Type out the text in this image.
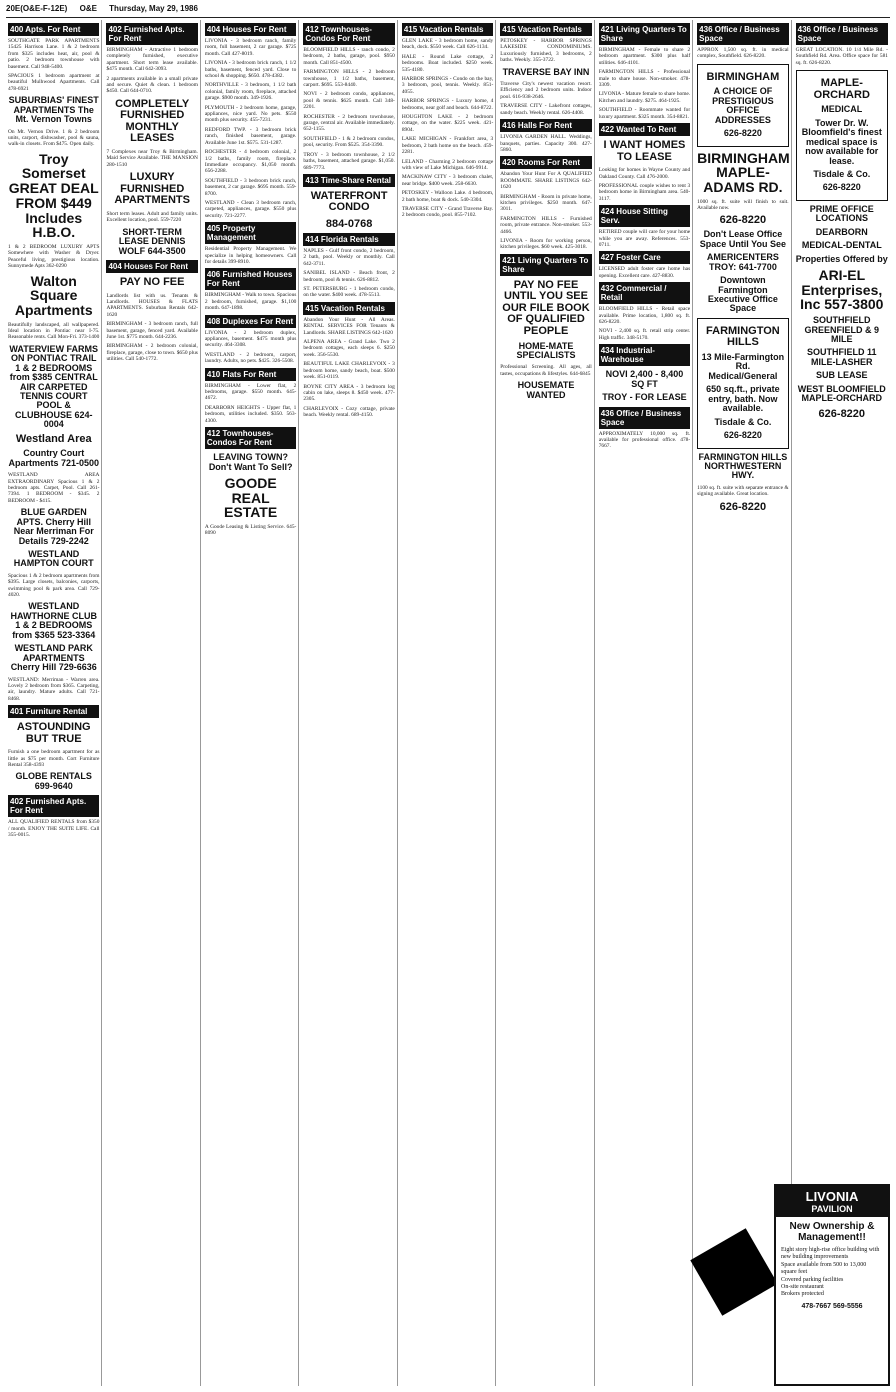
20E(O&E-F-12E) O&E Thursday, May 29, 1986
400 Apts. For Rent
SOUTHGATE PARK APARTMENTS 15425 Harrison Lane. 1 & 2 bedroom from $325 includes heat, air, pool & patio. 2 bedroom townhouse with basement. Call 948-5400.
SPACIOUS 1 bedroom apartment at beautiful Mulhwood Apartments. Call 478-6921
SUBURBIAS' FINEST APARTMENTS The Mt. Vernon Towns
On Mt. Vernon Drive. 1 & 2 bedroom units, carport, dishwasher, pool & sauna, walk-in closets. From $475. Open daily.
Troy Somerset GREAT DEAL FROM $449 Includes H.B.O.
1 & 2 BEDROOM LUXURY APTS Somewhere with Washer & Dryer. Peaceful living, prestigious location. Sunnymede Apts 362-0290
Walton Square Apartments
Beautifully landscaped, all wallpapered. Ideal location in Pontiac near I-75. Reasonable rents. Call Mon-Fri. 373-1400
WATERVIEW FARMS ON PONTIAC TRAIL 1 & 2 BEDROOMS from $385 CENTRAL AIR CARPETED TENNIS COURT POOL & CLUBHOUSE 624-0004
Westland Area
Country Court Apartments 721-0500
WESTLAND AREA EXTRAORDINARY Spacious 1 & 2 bedroom apts. Carpet, Pool. Call 261-7394. 1 BEDROOM - $345. 2 BEDROOM - $415.
BLUE GARDEN APTS. Cherry Hill Near Merriman For Details 729-2242
WESTLAND HAMPTON COURT
Spacious 1 & 2 bedroom apartments from $395. Large closets, balconies, carports, swimming pool & park area. Call 729-4020.
WESTLAND HAWTHORNE CLUB 1 & 2 BEDROOMS from $365 523-3364
WESTLAND PARK APARTMENTS Cherry Hill 729-6636
WESTLAND: Merriman - Warren area. Lovely 2 bedroom from $365. Carpeting, air, laundry. Mature adults. Call 721-8468.
401 Furniture Rental
ASTOUNDING BUT TRUE
Furnish a one bedroom apartment for as little as $75 per month. Cort Furniture Rental 358-4393
GLOBE RENTALS 699-9640
402 Furnished Apts. For Rent
ALL QUALIFIED RENTALS from $350 / month. ENJOY THE SUITE LIFE. Call 355-0015.
402 Furnished Apts. For Rent
BIRMINGHAM - Attractive 1 bedroom completely furnished, executive apartment. Short term lease available. $475 month. Call 642-3093.
2 apartments available in a small private and secure. Quiet & clean. 1 bedroom $450. Call 644-0710.
COMPLETELY FURNISHED MONTHLY LEASES
7 Complexes near Troy & Birmingham. Maid Service Available. THE MANSION 280-1510
LUXURY FURNISHED APARTMENTS
Short term leases. Adult and family units. Excellent location, pool. 559-7220
SHORT-TERM LEASE DENNIS WOLF 644-3500
404 Houses For Rent
PAY NO FEE
Landlords list with us. Tenants & Landlords. HOUSES & FLATS APARTMENTS. Suburban Rentals 642-1620
BIRMINGHAM - 3 bedroom ranch, full basement, garage, fenced yard. Available June 1st. $775 month. 644-2236.
BIRMINGHAM - 2 bedroom colonial, fireplace, garage, close to town. $650 plus utilities. Call 540-1772.
404 Houses For Rent
LIVONIA - 3 bedroom ranch, family room, full basement, 2 car garage. $725 month. Call 427-8019.
LIVONIA - 3 bedroom brick ranch, 1 1/2 baths, basement, fenced yard. Close to school & shopping. $650. 478-4382.
NORTHVILLE - 3 bedroom, 1 1/2 bath colonial, family room, fireplace, attached garage. $900 month. 349-1926.
PLYMOUTH - 2 bedroom home, garage, appliances, nice yard. No pets. $550 month plus security. 455-7231.
REDFORD TWP. - 3 bedroom brick ranch, finished basement, garage. Available June 1st. $575. 531-1287.
ROCHESTER - 4 bedroom colonial, 2 1/2 baths, family room, fireplace. Immediate occupancy. $1,050 month. 656-2288.
SOUTHFIELD - 3 bedroom brick ranch, basement, 2 car garage. $695 month. 559-8700.
WESTLAND - Clean 3 bedroom ranch, carpeted, appliances, garage. $550 plus security. 721-2277.
405 Property Management
Residential Property Management. We specialize in helping homeowners. Call for details 399-8910.
406 Furnished Houses For Rent
BIRMINGHAM - Walk to town. Spacious 2 bedroom, furnished, garage. $1,100 month. 647-1898.
408 Duplexes For Rent
LIVONIA - 2 bedroom duplex, appliances, basement. $475 month plus security. 464-3308.
WESTLAND - 2 bedroom, carport, laundry. Adults, no pets. $425. 326-5508.
410 Flats For Rent
BIRMINGHAM - Lower flat, 2 bedrooms, garage. $550 month. 645-4672.
DEARBORN HEIGHTS - Upper flat, 1 bedroom, utilities included. $350. 563-4300.
412 Townhouses-Condos For Rent
LEAVING TOWN? Don't Want To Sell?
GOODE REAL ESTATE
A Goode Leasing & Listing Service. 645-8090
412 Townhouses-Condos For Rent
BLOOMFIELD HILLS - ranch condo, 2 bedroom, 2 baths, garage, pool. $950 month. Call 851-4500.
FARMINGTON HILLS - 2 bedroom townhouse, 1 1/2 baths, basement, carport. $695. 553-8440.
NOVI - 2 bedroom condo, appliances, pool & tennis. $625 month. Call 348-2201.
ROCHESTER - 2 bedroom townhouse, garage, central air. Available immediately. 652-1155.
SOUTHFIELD - 1 & 2 bedroom condos, pool, security. From $525. 354-3390.
TROY - 3 bedroom townhouse, 2 1/2 baths, basement, attached garage. $1,050. 689-7773.
413 Time-Share Rental
WATERFRONT CONDO
884-0768
414 Florida Rentals
NAPLES - Gulf front condo, 2 bedroom, 2 bath, pool. Weekly or monthly. Call 642-3711.
SANIBEL ISLAND - Beach front, 2 bedroom, pool & tennis. 626-8812.
ST. PETERSBURG - 1 bedroom condo, on the water. $400 week. 478-5513.
415 Vacation Rentals
Abandon Your Hunt - All Areas. RENTAL SERVICES FOR Tenants & Landlords. SHARE LISTINGS 642-1620
ALPENA AREA - Grand Lake. Two 2 bedroom cottages, each sleeps 6. $250 week. 356-5530.
BEAUTIFUL LAKE CHARLEVOIX - 3 bedroom home, sandy beach, boat. $500 week. 851-0119.
BOYNE CITY AREA - 3 bedroom log cabin on lake, sleeps 8. $450 week. 477-2305.
CHARLEVOIX - Cozy cottage, private beach. Weekly rental. 689-4150.
415 Vacation Rentals
GLEN LAKE - 3 bedroom home, sandy beach, dock. $550 week. Call 626-1134.
HALE - Round Lake cottage, 2 bedrooms. Boat included. $250 week. 535-4180.
HARBOR SPRINGS - Condo on the bay, 3 bedroom, pool, tennis. Weekly. 851-4055.
HARBOR SPRINGS - Luxury home, 4 bedrooms, near golf and beach. 644-8722.
HOUGHTON LAKE - 2 bedroom cottage, on the water. $225 week. 421-8904.
LAKE MICHIGAN - Frankfort area, 3 bedroom, 2 bath home on the beach. 459-2281.
LELAND - Charming 2 bedroom cottage with view of Lake Michigan. 646-9914.
MACKINAW CITY - 3 bedroom chalet, near bridge. $400 week. 258-6630.
PETOSKEY - Walloon Lake. 4 bedroom, 2 bath home, boat & dock. 540-3304.
TRAVERSE CITY - Grand Traverse Bay. 2 bedroom condo, pool. 855-7102.
415 Vacation Rentals
PETOSKEY - HARBOR SPRINGS LAKESIDE CONDOMINIUMS. Luxuriously furnished, 3 bedrooms, 2 baths. Weekly. 355-3722.
TRAVERSE BAY INN
Traverse City's newest vacation resort. Efficiency and 2 bedroom units. Indoor pool. 616-938-2646.
TRAVERSE CITY - Lakefront cottages, sandy beach. Weekly rental. 626-4408.
416 Halls For Rent
LIVONIA GARDEN HALL. Weddings, banquets, parties. Capacity 300. 427-5860.
420 Rooms For Rent
Abandon Your Hunt For A QUALIFIED ROOMMATE. SHARE LISTINGS 642-1620
BIRMINGHAM - Room in private home, kitchen privileges. $250 month. 647-3011.
FARMINGTON HILLS - Furnished room, private entrance. Non-smoker. 553-4466.
LIVONIA - Room for working person, kitchen privileges. $60 week. 425-3018.
421 Living Quarters To Share
PAY NO FEE UNTIL YOU SEE OUR FILE BOOK OF QUALIFIED PEOPLE
HOME-MATE SPECIALISTS
Professional Screening. All ages, all tastes, occupations & lifestyles. 644-6845
HOUSEMATE WANTED
421 Living Quarters To Share
BIRMINGHAM - Female to share 2 bedroom apartment. $300 plus half utilities. 646-4101.
FARMINGTON HILLS - Professional male to share house. Non-smoker. 478-3309.
LIVONIA - Mature female to share home. Kitchen and laundry. $275. 464-1925.
SOUTHFIELD - Roommate wanted for luxury apartment. $325 month. 354-8821.
422 Wanted To Rent
I WANT HOMES TO LEASE
Looking for homes in Wayne County and Oakland County. Call 476-2000.
PROFESSIONAL couple wishes to rent 3 bedroom home in Birmingham area. 540-3117.
424 House Sitting Serv.
RETIRED couple will care for your home while you are away. References. 553-0711.
427 Foster Care
LICENSED adult foster care home has opening. Excellent care. 427-8830.
432 Commercial / Retail
BLOOMFIELD HILLS - Retail space available. Prime location, 1,800 sq. ft. 626-8220.
NOVI - 2,400 sq. ft. retail strip center. High traffic. 348-5170.
434 Industrial-Warehouse
NOVI 2,400 - 8,400 SQ FT
TROY - FOR LEASE
436 Office / Business Space
APPROXIMATELY 10,000 sq. ft. available for professional office. 478-7667.
436 Office / Business Space
APPROX 1,500 sq. ft. in medical complex, Southfield. 626-8220.
BIRMINGHAM
A CHOICE OF PRESTIGIOUS OFFICE ADDRESSES
626-8220
BIRMINGHAM MAPLE-ADAMS RD.
1000 sq. ft. suite will finish to suit. Available now.
626-8220
Don't Lease Office Space Until You See
AMERICENTERS TROY: 641-7700
Downtown Farmington Executive Office Space
FARMINGTON HILLS
13 Mile-Farmington Rd. Medical/General
650 sq.ft., private entry, bath. Now available.
Tisdale & Co.
626-8220
FARMINGTON HILLS NORTHWESTERN HWY.
1100 sq. ft. suite with separate entrance & signing available. Great location.
626-8220
436 Office / Business Space
GREAT LOCATION. 10 1/4 Mile Rd. - Southfield Rd. Area. Office space for 581 sq. ft. 626-8220.
MAPLE-ORCHARD
MEDICAL
Tower Dr. W. Bloomfield's finest medical space is now available for lease.
Tisdale & Co.
626-8220
PRIME OFFICE LOCATIONS
DEARBORN
MEDICAL-DENTAL
Properties Offered by
ARI-EL Enterprises, Inc 557-3800
SOUTHFIELD GREENFIELD & 9 MILE
SOUTHFIELD 11 MILE-LASHER
SUB LEASE
WEST BLOOMFIELD MAPLE-ORCHARD
626-8220
LIVONIA
PAVILION
New Ownership & Management!!
Eight story high-rise office building with new building improvements
Space available from 500 to 13,000 square feet
Covered parking facilities
On-site restaurant
Brokers protected
478-7667 569-5556
